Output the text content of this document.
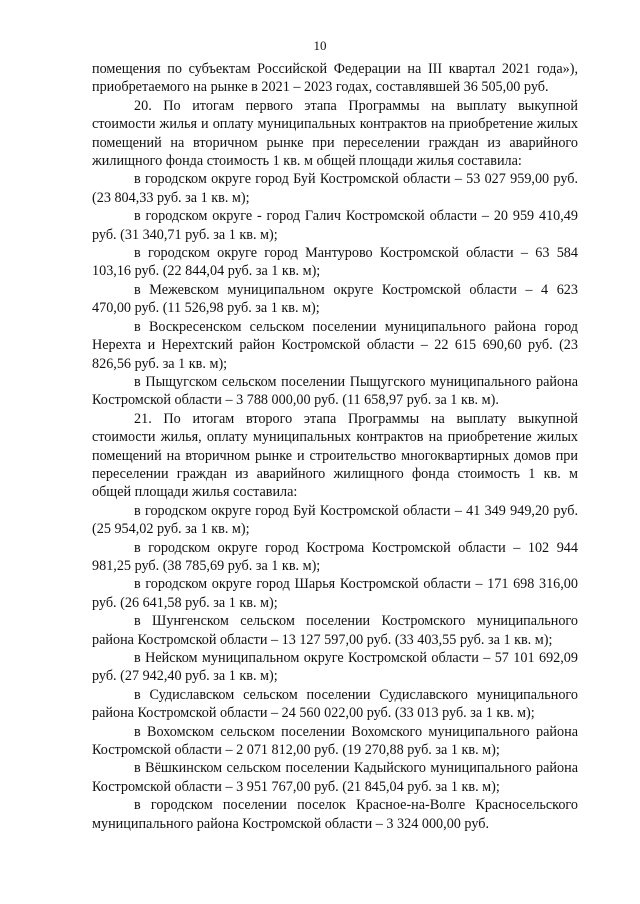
10

помещения по субъектам Российской Федерации на III квартал 2021 года»), приобретаемого на рынке в 2021 – 2023 годах, составлявшей 36 505,00 руб.

20. По итогам первого этапа Программы на выплату выкупной стоимости жилья и оплату муниципальных контрактов на приобретение жилых помещений на вторичном рынке при переселении граждан из аварийного жилищного фонда стоимость 1 кв. м общей площади жилья составила:

в городском округе город Буй Костромской области – 53 027 959,00 руб. (23 804,33 руб. за 1 кв. м);

в городском округе - город Галич Костромской области – 20 959 410,49 руб. (31 340,71 руб. за 1 кв. м);

в городском округе город Мантурово Костромской области – 63 584 103,16 руб. (22 844,04 руб. за 1 кв. м);

в Межевском муниципальном округе Костромской области – 4 623 470,00 руб. (11 526,98 руб. за 1 кв. м);

в Воскресенском сельском поселении муниципального района город Нерехта и Нерехтский район Костромской области – 22 615 690,60 руб. (23 826,56 руб. за 1 кв. м);

в Пыщугском сельском поселении Пыщугского муниципального района Костромской области – 3 788 000,00 руб. (11 658,97 руб. за 1 кв. м).

21. По итогам второго этапа Программы на выплату выкупной стоимости жилья, оплату муниципальных контрактов на приобретение жилых помещений на вторичном рынке и строительство многоквартирных домов при переселении граждан из аварийного жилищного фонда стоимость 1 кв. м общей площади жилья составила:

в городском округе город Буй Костромской области – 41 349 949,20 руб. (25 954,02 руб. за 1 кв. м);

в городском округе город Кострома Костромской области – 102 944 981,25 руб. (38 785,69 руб. за 1 кв. м);

в городском округе город Шарья Костромской области – 171 698 316,00 руб. (26 641,58 руб. за 1 кв. м);

в Шунгенском сельском поселении Костромского муниципального района Костромской области – 13 127 597,00 руб. (33 403,55 руб. за 1 кв. м);

в Нейском муниципальном округе Костромской области – 57 101 692,09 руб. (27 942,40 руб. за 1 кв. м);

в Судиславском сельском поселении Судиславского муниципального района Костромской области – 24 560 022,00 руб. (33 013 руб. за 1 кв. м);

в Вохомском сельском поселении Вохомского муниципального района Костромской области – 2 071 812,00 руб. (19 270,88 руб. за 1 кв. м);

в Вёшкинском сельском поселении Кадыйского муниципального района Костромской области – 3 951 767,00 руб. (21 845,04 руб. за 1 кв. м);

в городском поселении поселок Красное-на-Волге Красносельского муниципального района Костромской области – 3 324 000,00 руб.
